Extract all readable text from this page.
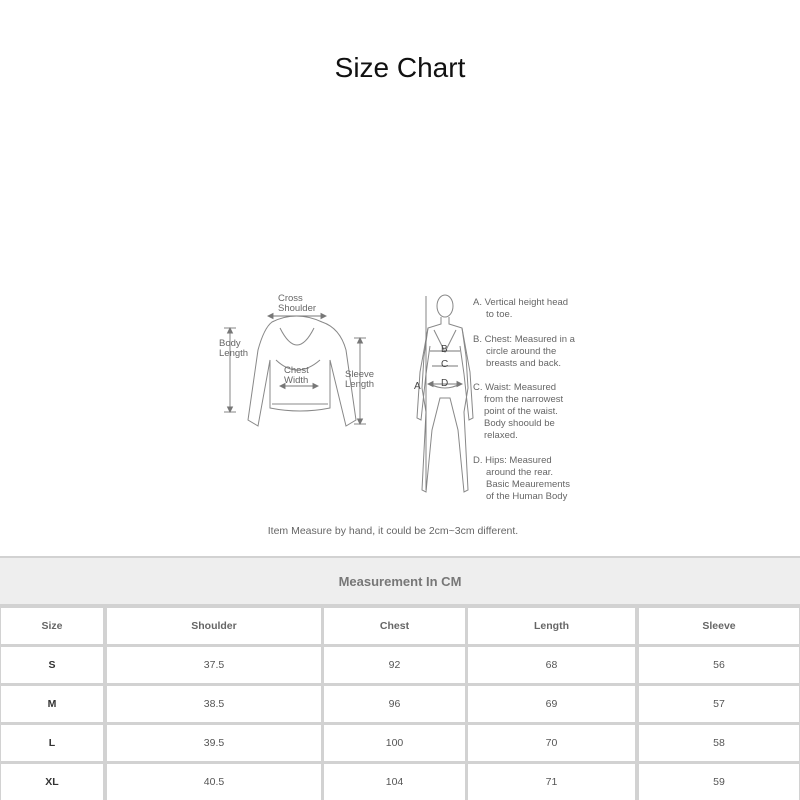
Size Chart
Cross
Shoulder
Body
Length
Chest
Width
Sleeve
Length	A
B
C
D
A. Vertical height head
to toe.
B. Chest: Measured in a
circle around the
breasts and back.
C. Waist: Measured
from the narrowest
point of the waist.
Body shoould be
relaxed.
D. Hips: Measured
around the rear.
Basic Meaurements
of the Human Body
Item Measure by hand, it could be 2cm~3cm different.
Measurement In CM
Size	Shoulder	Chest	Length	Sleeve
S	37.5	92	68	56
M	38.5	96	69	57
L	39.5	100	70	58
XL	40.5	104	71	59
